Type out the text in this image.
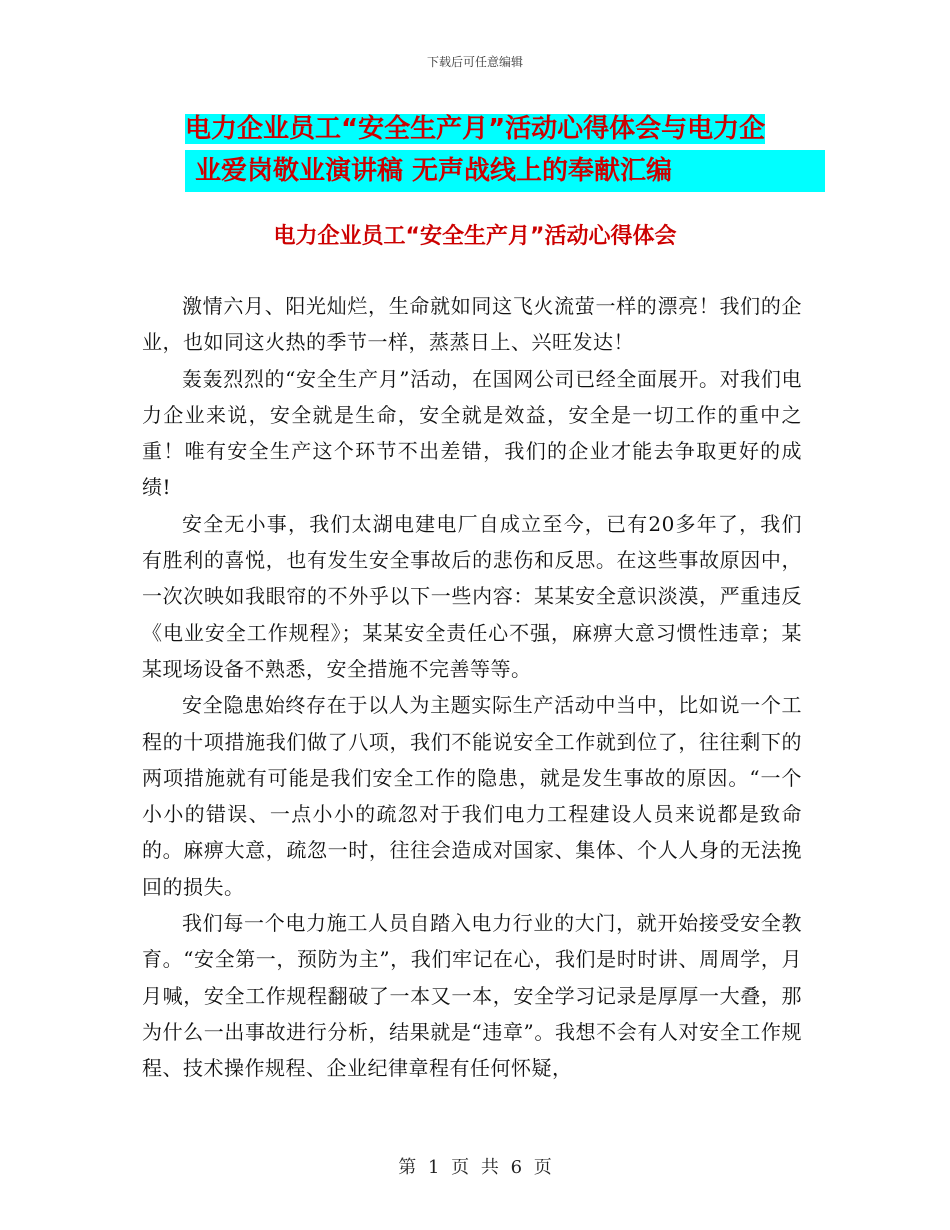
下载后可任意编辑
电力企业员工“安全生产月”活动心得体会与电力企
业爱岗敬业演讲稿 无声战线上的奉献汇编
电力企业员工“安全生产月”活动心得体会

激情六月、阳光灿烂，生命就如同这飞火流萤一样的漂亮！我们的企业，也如同这火热的季节一样，蒸蒸日上、兴旺发达！

轰轰烈烈的“安全生产月”活动，在国网公司已经全面展开。对我们电力企业来说，安全就是生命，安全就是效益，安全是一切工作的重中之重！唯有安全生产这个环节不出差错，我们的企业才能去争取更好的成绩!

安全无小事，我们太湖电建电厂自成立至今，已有20多年了，我们有胜利的喜悦，也有发生安全事故后的悲伤和反思。在这些事故原因中，一次次映如我眼帘的不外乎以下一些内容：某某安全意识淡漠，严重违反《电业安全工作规程》；某某安全责任心不强，麻痹大意习惯性违章；某某现场设备不熟悉，安全措施不完善等等。

安全隐患始终存在于以人为主题实际生产活动中当中，比如说一个工程的十项措施我们做了八项，我们不能说安全工作就到位了，往往剩下的两项措施就有可能是我们安全工作的隐患，就是发生事故的原因。“一个小小的错误、一点小小的疏忽对于我们电力工程建设人员来说都是致命的。麻痹大意，疏忽一时，往往会造成对国家、集体、个人人身的无法挽回的损失。

我们每一个电力施工人员自踏入电力行业的大门，就开始接受安全教育。“安全第一，预防为主”，我们牢记在心，我们是时时讲、周周学，月月喊，安全工作规程翻破了一本又一本，安全学习记录是厚厚一大叠，那为什么一出事故进行分析，结果就是“违章”。我想不会有人对安全工作规程、技术操作规程、企业纪律章程有任何怀疑，

第 1 页 共 6 页
